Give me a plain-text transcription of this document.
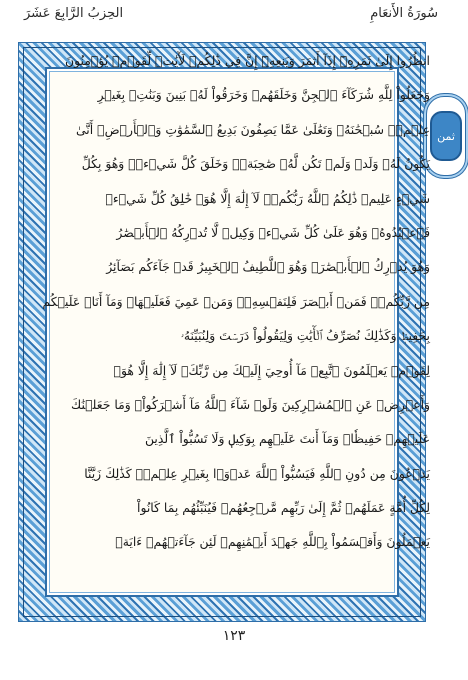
سُورَةُ الأَنعَامِ
الحِزبُ الرَّابِعَ عَشَرَ
ثمن
انظُرُوا إِلَىٰ ثَمَرِهِۦٓ إِذَآ أَثمَرَ وَيَنعِهِۦٓ إِنَّ فِي ذَٰلِكُمۡ لَأٓيَٰتٖ لِّقَوۡمٖ يُؤۡمِنُونَ
وَجَعَلُواْ لِلَّهِ شُرَكَآءَ ٱلۡجِنَّ وَخَلَقَهُمۡ وَخَرَقُواْ لَهُۥ بَنِينَ وَبَنَٰتِۭ بِغَيۡرِ
عِلۡمٖۚ سُبۡحَٰنَهُۥ وَتَعَٰلَىٰ عَمَّا يَصِفُونَ بَدِيعُ ٱلسَّمَٰوَٰتِ وَٱلۡأَرۡضِۖ أَنَّىٰ
يَكُونُ لَهُۥ وَلَدٞ وَلَمۡ تَكُن لَّهُۥ صَٰحِبَةٞۖ وَخَلَقَ كُلَّ شَيۡءٖۖ وَهُوَ بِكُلِّ
شَيۡءٍ عَلِيمٞ ذَٰلِكُمُ ٱللَّهُ رَبُّكُمۡۖ لَآ إِلَٰهَ إِلَّا هُوَۖ خَٰلِقُ كُلِّ شَيۡءٖ
فَٱعۡبُدُوهُۚ وَهُوَ عَلَىٰ كُلِّ شَيۡءٖ وَكِيلٞ لَّا تُدۡرِكُهُ ٱلۡأَبۡصَٰرُ
وَهُوَ يُدۡرِكُ ٱلۡأَبۡصَٰرَۖ وَهُوَ ٱللَّطِيفُ ٱلۡخَبِيرُ قَدۡ جَآءَكُم بَصَآئِرُ
مِن رَّبِّكُمۡۖ فَمَنۡ أَبۡصَرَ فَلِنَفۡسِهِۦۖ وَمَنۡ عَمِيَ فَعَلَيۡهَاۚ وَمَآ أَنَا۠ عَلَيۡكُم
بِحَفِيظٖ وَكَذَٰلِكَ نُصَرِّفُ ٱلۡأٓيَٰتِ وَلِيَقُولُواْ دَرَسۡتَ وَلِنُبَيِّنَهُۥ
لِقَوۡمٖ يَعۡلَمُونَ ٱتَّبِعۡ مَآ أُوحِيَ إِلَيۡكَ مِن رَّبِّكَۖ لَآ إِلَٰهَ إِلَّا هُوَۖ
وَأَعۡرِضۡ عَنِ ٱلۡمُشۡرِكِينَ وَلَوۡ شَآءَ ٱللَّهُ مَآ أَشۡرَكُواْۗ وَمَا جَعَلۡنَٰكَ
عَلَيۡهِمۡ حَفِيظٗاۖ وَمَآ أَنتَ عَلَيۡهِم بِوَكِيلٖ وَلَا تَسُبُّواْ ٱلَّذِينَ
يَدۡعُونَ مِن دُونِ ٱللَّهِ فَيَسُبُّواْ ٱللَّهَ عَدۡوَۢا بِغَيۡرِ عِلۡمٖۗ كَذَٰلِكَ زَيَّنَّا
لِكُلِّ أُمَّةٍ عَمَلَهُمۡ ثُمَّ إِلَىٰ رَبِّهِم مَّرۡجِعُهُمۡ فَيُنَبِّئُهُم بِمَا كَانُواْ
يَعۡمَلُونَ وَأَقۡسَمُواْ بِٱللَّهِ جَهۡدَ أَيۡمَٰنِهِمۡ لَئِن جَآءَتۡهُمۡ ءَايَةٞ
١٢٣
